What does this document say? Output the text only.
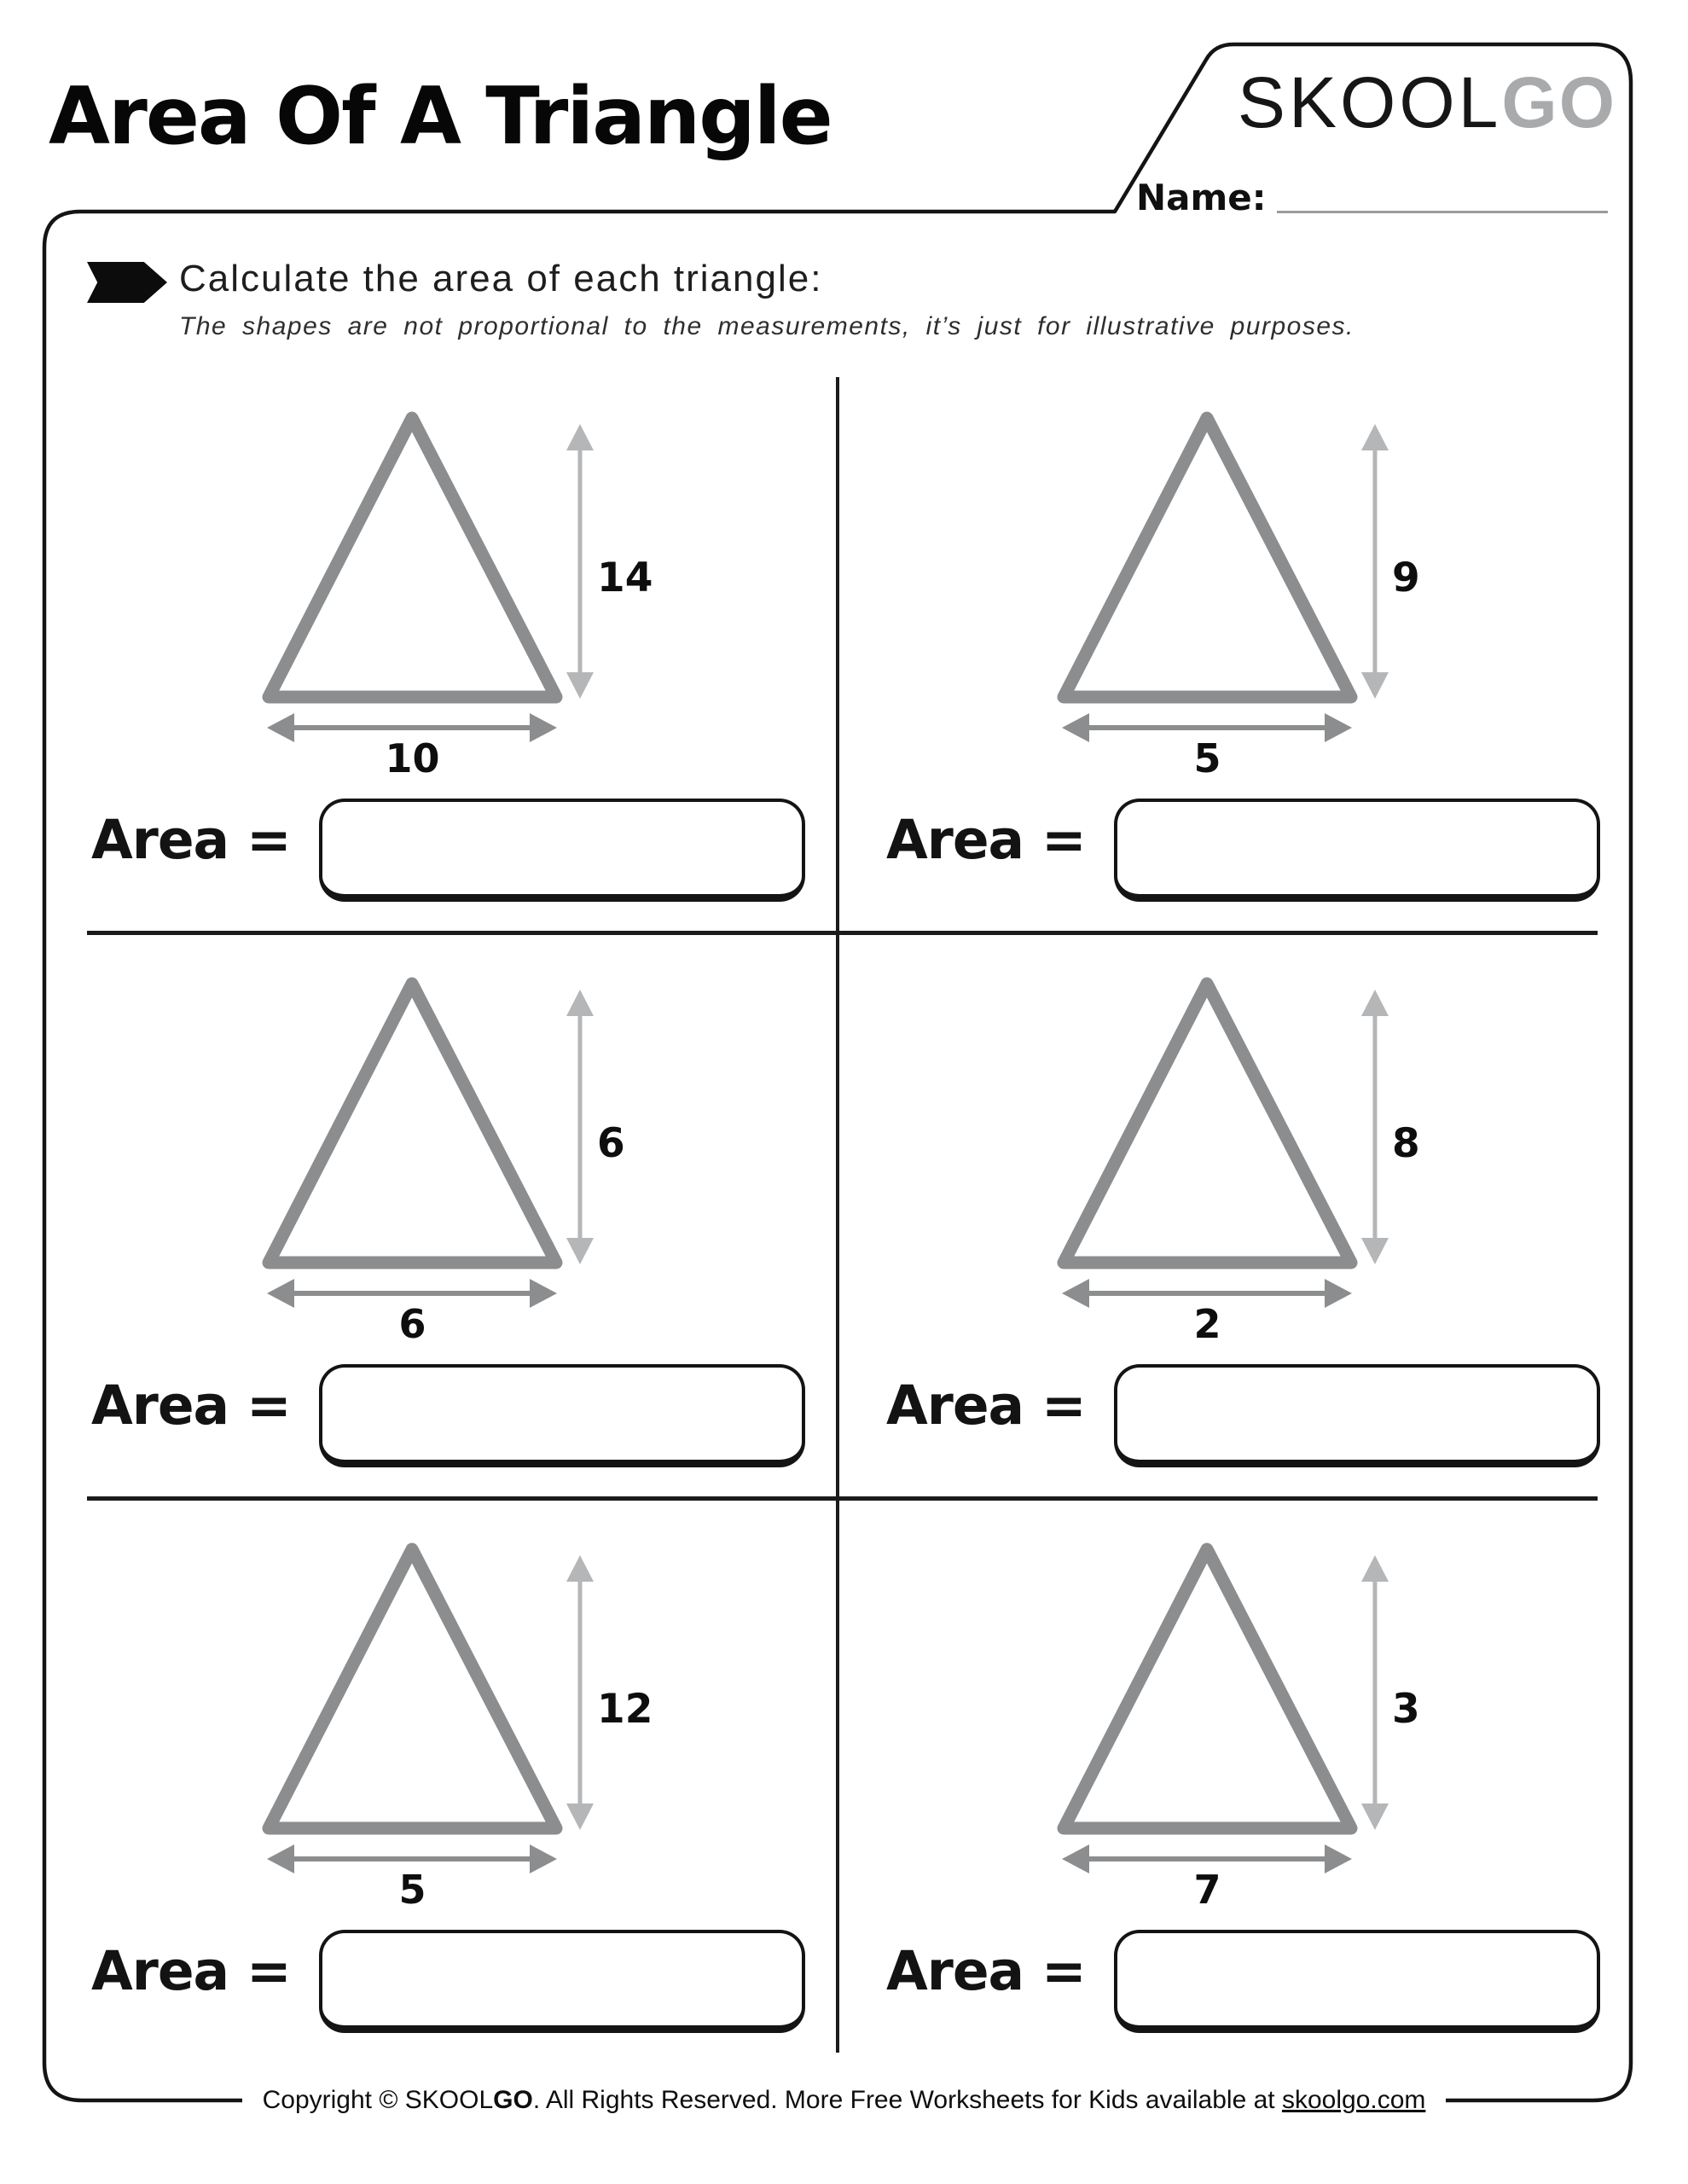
Area Of A Triangle	SKOOL GO
Name:
Calculate the area of each triangle:
The shapes are not proportional to the measurements, it’s just for illustrative purposes.
14
10
Area =
9
5
Area =
6
6
Area =
8
2
Area =
12
5
Area =
3
7
Area =
Copyright © SKOOLGO. All Rights Reserved. More Free Worksheets for Kids available at skoolgo.com
